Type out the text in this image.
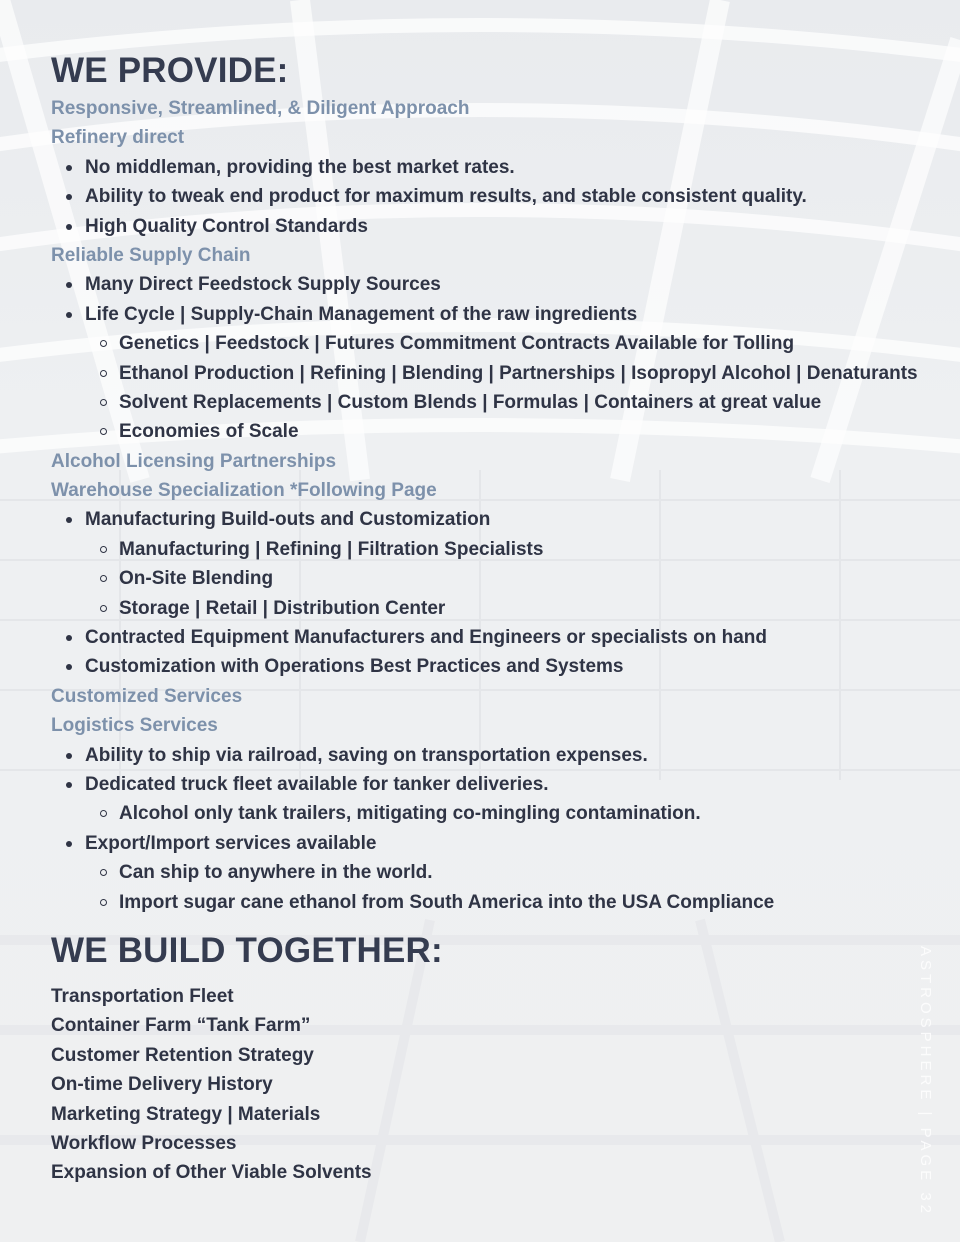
WE PROVIDE:
Responsive, Streamlined, & Diligent Approach
Refinery direct
No middleman, providing the best market rates.
Ability to tweak end product for maximum results, and stable consistent quality.
High Quality Control Standards
Reliable Supply Chain
Many Direct Feedstock Supply Sources
Life Cycle | Supply-Chain Management of the raw ingredients
Genetics | Feedstock | Futures Commitment Contracts Available for Tolling
Ethanol Production | Refining | Blending | Partnerships | Isopropyl Alcohol | Denaturants
Solvent Replacements | Custom Blends | Formulas | Containers at great value
Economies of Scale
Alcohol Licensing Partnerships
Warehouse Specialization *Following Page
Manufacturing Build-outs and Customization
Manufacturing | Refining | Filtration Specialists
On-Site Blending
Storage | Retail | Distribution Center
Contracted Equipment Manufacturers and Engineers or specialists on hand
Customization with Operations Best Practices and Systems
Customized Services
Logistics Services
Ability to ship via railroad, saving on transportation expenses.
Dedicated truck fleet available for tanker deliveries.
Alcohol only tank trailers, mitigating co-mingling contamination.
Export/Import services available
Can ship to anywhere in the world.
Import sugar cane ethanol from South America into the USA Compliance
WE BUILD TOGETHER:
Transportation Fleet
Container Farm “Tank Farm”
Customer Retention Strategy
On-time Delivery History
Marketing Strategy | Materials
Workflow Processes
Expansion of Other Viable Solvents	ASTROSPHERE | PAGE 32
